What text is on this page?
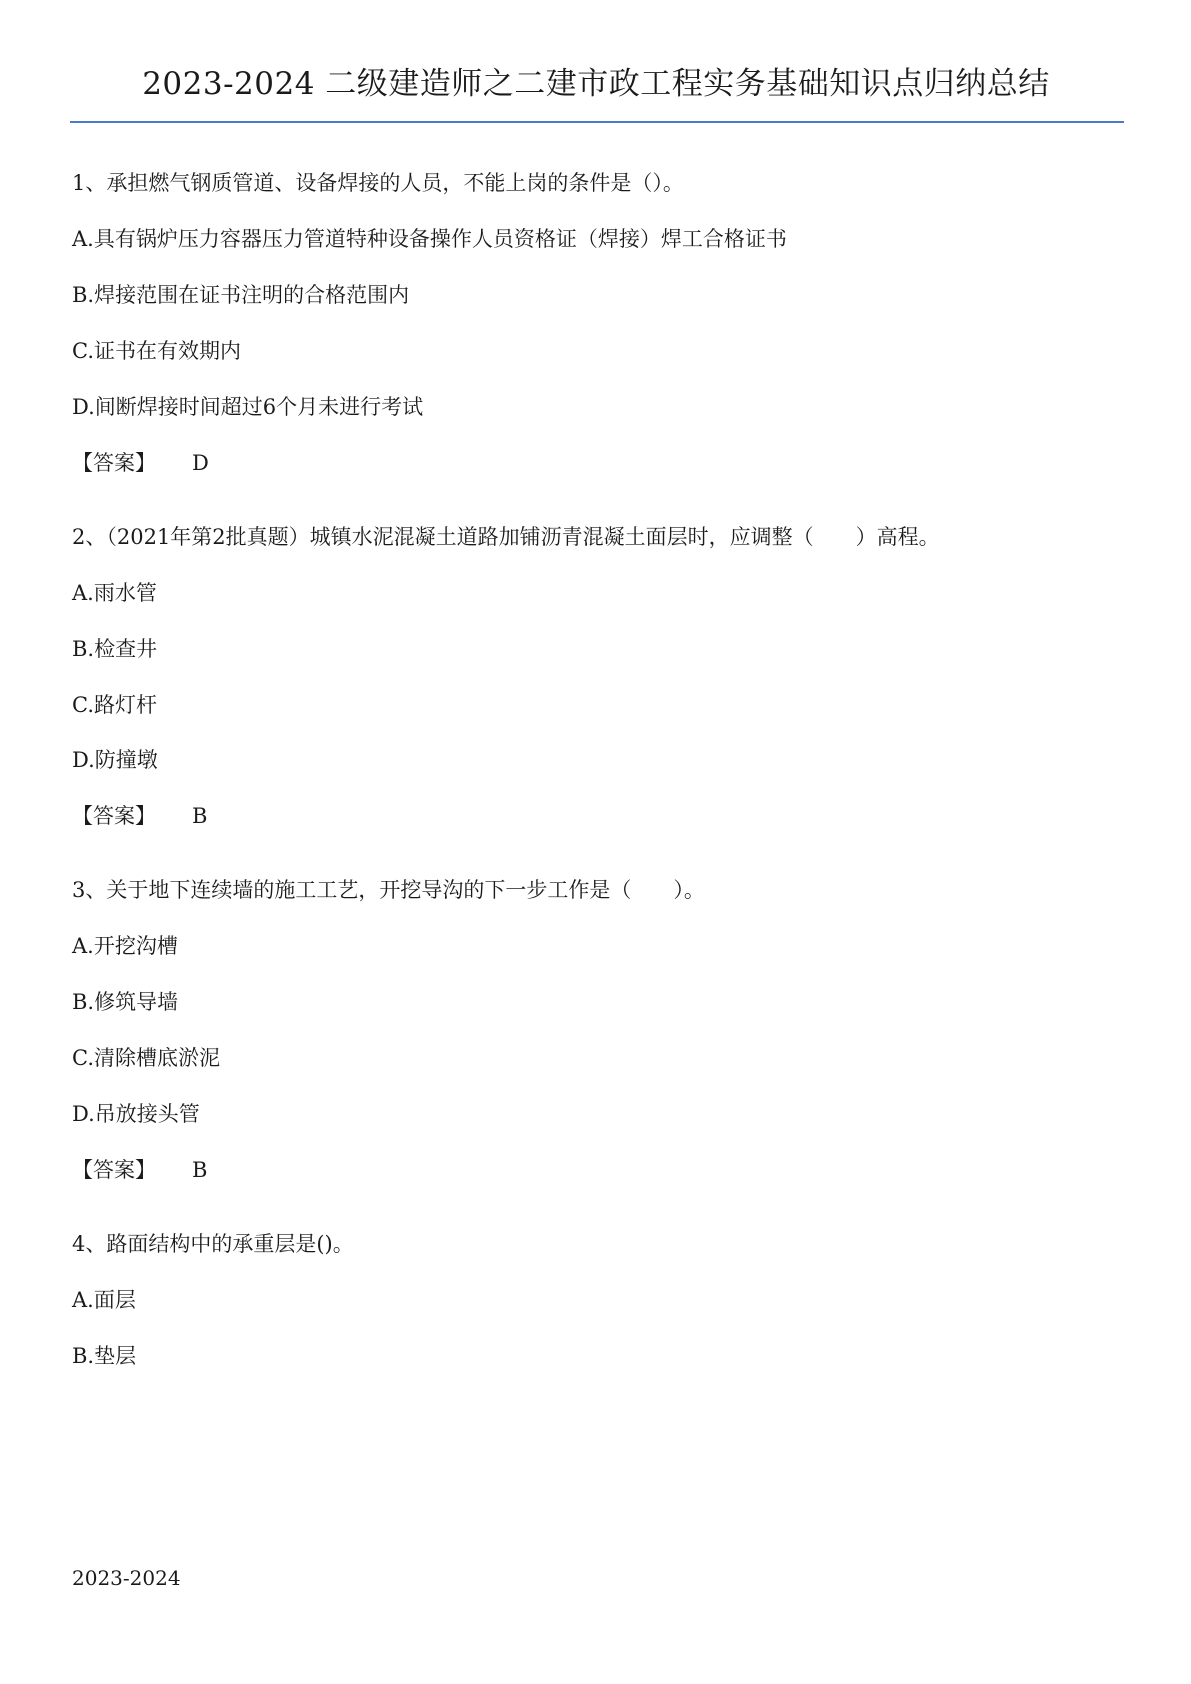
2023-2024 二级建造师之二建市政工程实务基础知识点归纳总结
1、承担燃气钢质管道、设备焊接的人员，不能上岗的条件是（）。
A.具有锅炉压力容器压力管道特种设备操作人员资格证（焊接）焊工合格证书
B.焊接范围在证书注明的合格范围内
C.证书在有效期内
D.间断焊接时间超过6个月未进行考试
【答案】 D
2、（2021年第2批真题）城镇水泥混凝土道路加铺沥青混凝土面层时，应调整（　　）高程。
A.雨水管
B.检查井
C.路灯杆
D.防撞墩
【答案】 B
3、关于地下连续墙的施工工艺，开挖导沟的下一步工作是（　　）。
A.开挖沟槽
B.修筑导墙
C.清除槽底淤泥
D.吊放接头管
【答案】 B
4、路面结构中的承重层是()。
A.面层
B.垫层
2023-2024
